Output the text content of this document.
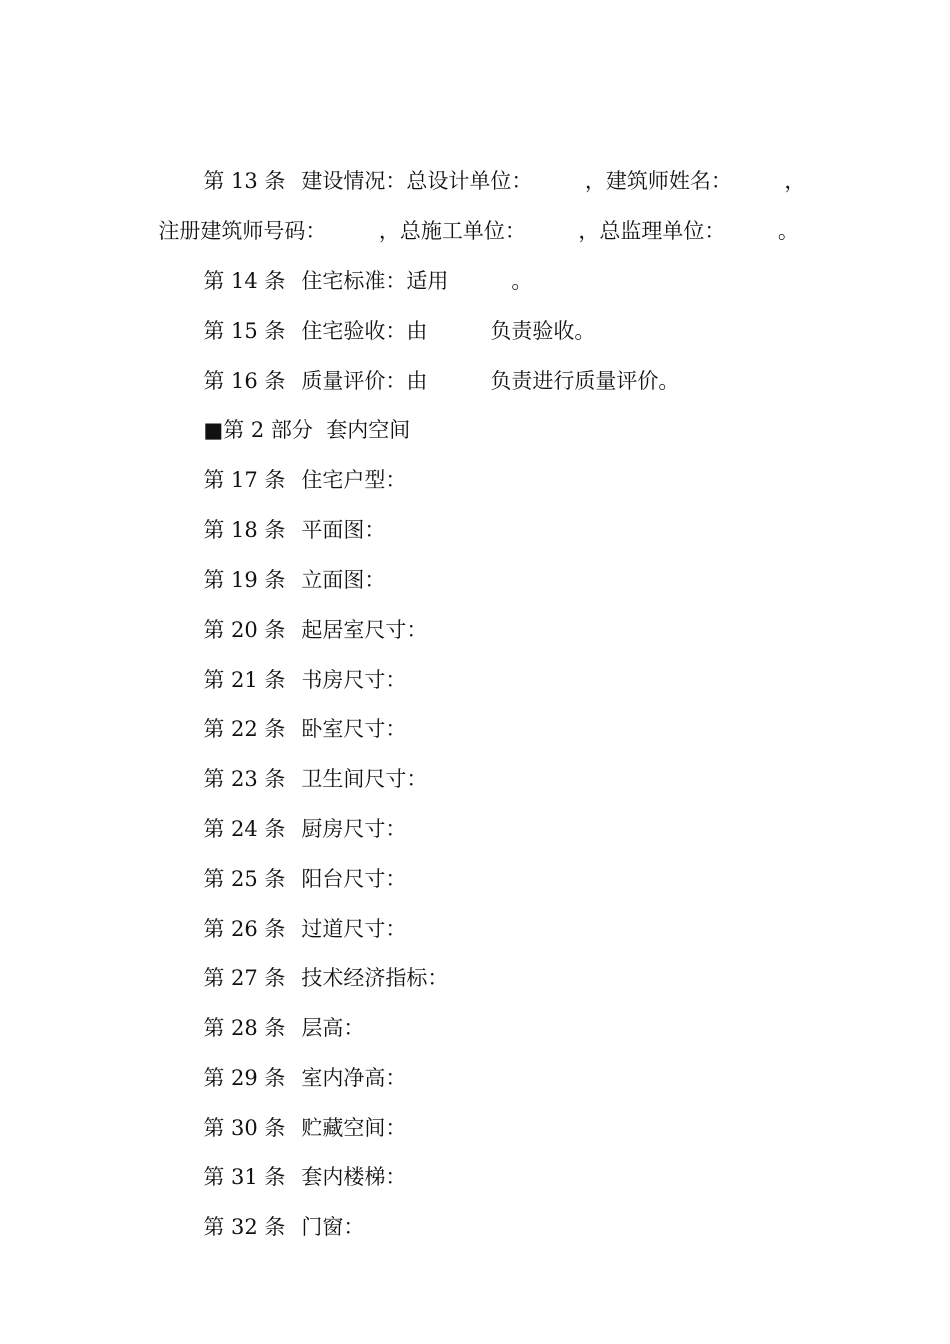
第 13 条 建设情况：总设计单位：　　　，建筑师姓名：　　　，

注册建筑师号码：　　　，总施工单位：　　　，总监理单位：　　　。

第 14 条 住宅标准：适用　　　。

第 15 条 住宅验收：由　　　负责验收。

第 16 条 质量评价：由　　　负责进行质量评价。

■第 2 部分  套内空间

第 17 条 住宅户型：

第 18 条 平面图：

第 19 条 立面图：

第 20 条 起居室尺寸：

第 21 条 书房尺寸：

第 22 条 卧室尺寸：

第 23 条 卫生间尺寸：

第 24 条 厨房尺寸：

第 25 条 阳台尺寸：

第 26 条 过道尺寸：

第 27 条 技术经济指标：

第 28 条 层高：

第 29 条 室内净高：

第 30 条 贮藏空间：

第 31 条 套内楼梯：

第 32 条 门窗：
